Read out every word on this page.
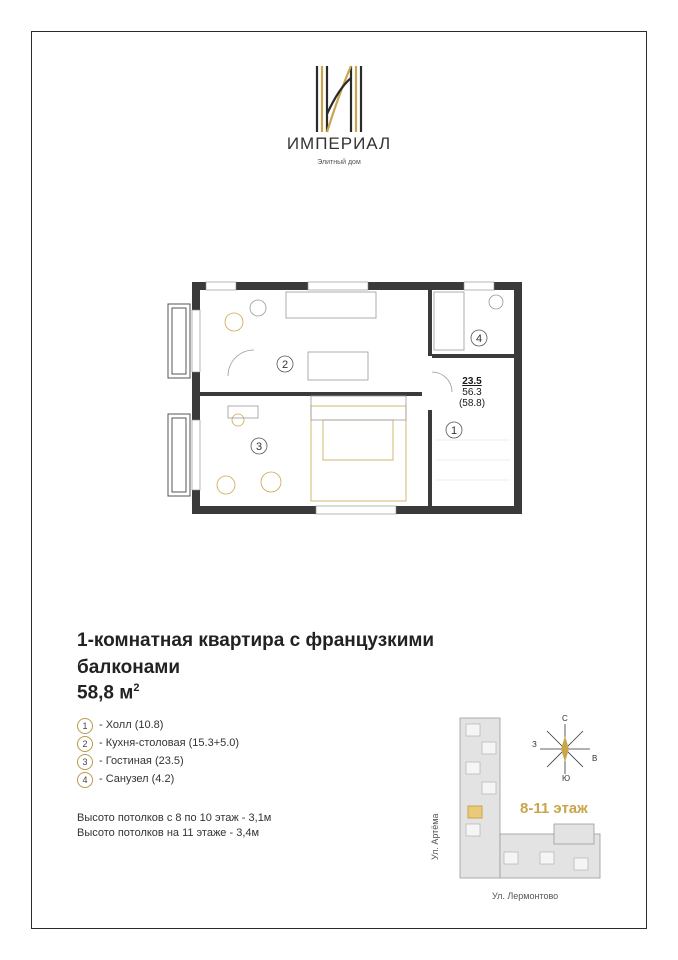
ИМПЕРИАЛ
Элитный дом
2
3
1
4
23.5
56.3
(58.8)
1-комнатная квартира с французкими
балконами
58,8 $м^2$
1	- Холл (10.8)
2	- Кухня-столовая (15.3+5.0)
3	- Гостиная (23.5)
4	- Санузел (4.2)
Высото потолков с 8 по 10 этаж - 3,1м
Высото потолков на 11 этаже - 3,4м
С
Ю
В
З
8-11 этаж
Ул. Лермонтово
Ул. Артёма
